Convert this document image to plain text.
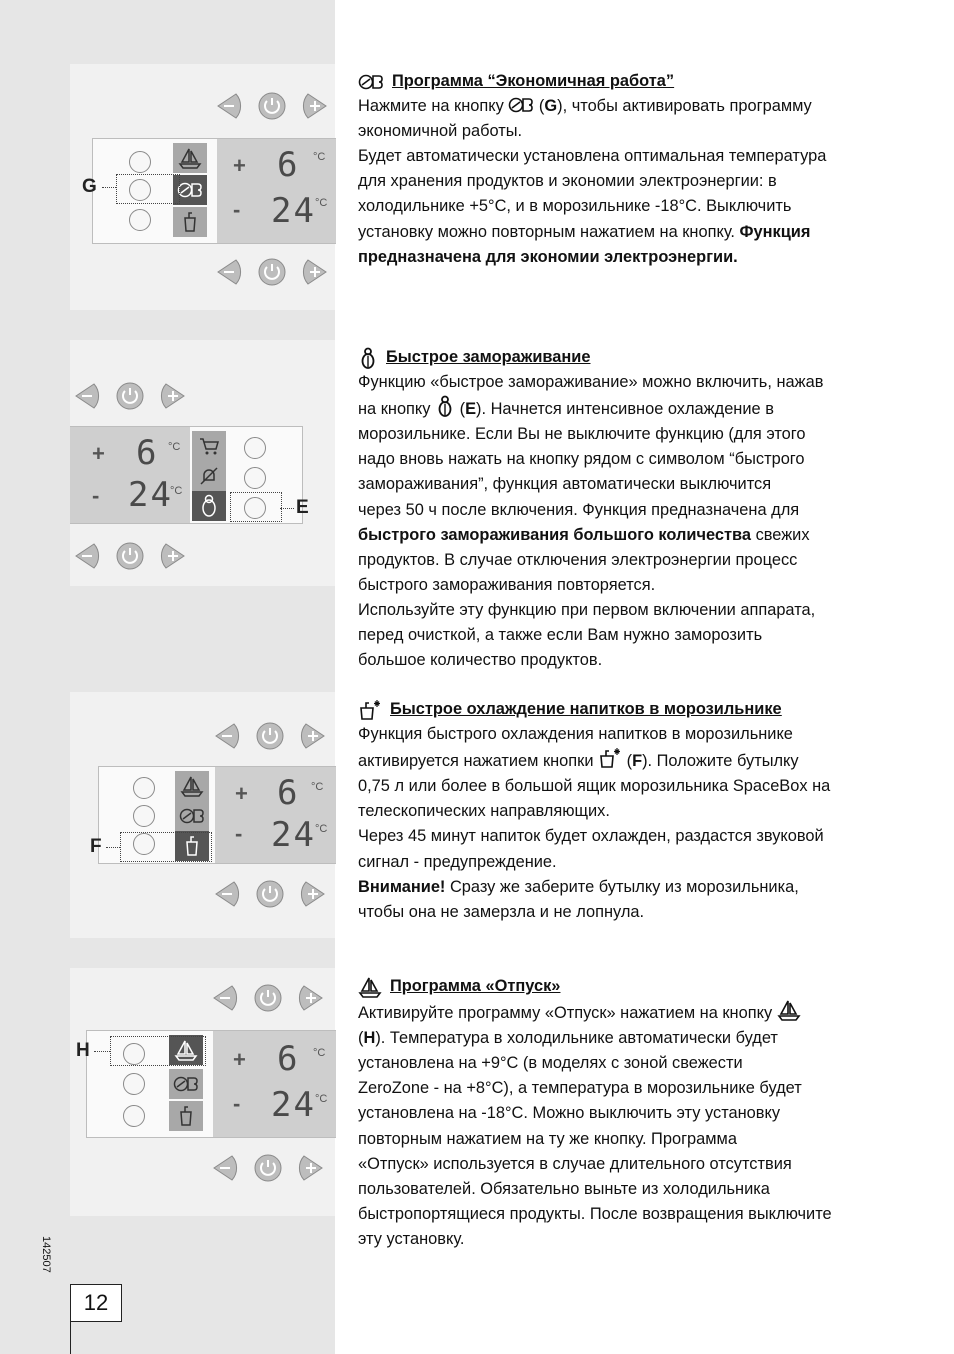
+ 6 °C
- 24 °C
G
+ 6 °C
- 24
°C
E
+ 6 °C
- 24 °C
F
+ 6 °C
- 24 °C
H
Программа “Экономичная работа”

Нажмите на кнопку  (G), чтобы активировать программу

экономичной работы.

Будет автоматически установлена оптимальная температура

для хранения продуктов и экономии электроэнергии: в

холодильнике +5°C, и в морозильнике -18°C. Выключить

установку можно повторным нажатием на кнопку. Функция

предназначена для экономии электроэнергии.

Быстрое замораживание

Функцию «быстрое замораживание» можно включить, нажав

на кнопку  (E). Начнется интенсивное охлаждение в

морозильнике. Если Вы не выключите функцию (для этого

надо вновь нажать на кнопку рядом с символом “быстрого

замораживания”, функция автоматически выключится

через 50 ч после включения. Функция предназначена для

быстрого замораживания большого количества свежих

продуктов. В случае отключения электроэнергии процесс

быстрого замораживания повторяется.

Используйте эту функцию при первом включении аппарата,

перед очисткой, а также если Вам нужно заморозить

большое количество продуктов.

Быстрое охлаждение напитков в морозильнике

Функция быстрого охлаждения напитков в морозильнике

активируется нажатием кнопки  (F). Положите бутылку

0,75 л или более в большой ящик морозильника SpaceBox на

телескопических направляющих.

Через 45 минут напиток будет охлажден, раздастся звуковой

сигнал - предупреждение.

Внимание! Сразу же заберите бутылку из морозильника,

чтобы она не замерзла и не лопнула.

Программа «Отпуск»

Активируйте программу «Отпуск» нажатием на кнопку

(H). Температура в холодильнике автоматически будет

установлена на +9°C (в моделях с зоной свежести

ZeroZone - на +8°C), а температура в морозильнике будет

установлена на -18°C. Можно выключить эту установку

повторным нажатием на ту же кнопку. Программа

«Отпуск» используется в случае длительного отсутствия

пользователей. Обязательно выньте из холодильника

быстропортящиеся продукты. После возвращения выключите

эту установку.

142507
12
